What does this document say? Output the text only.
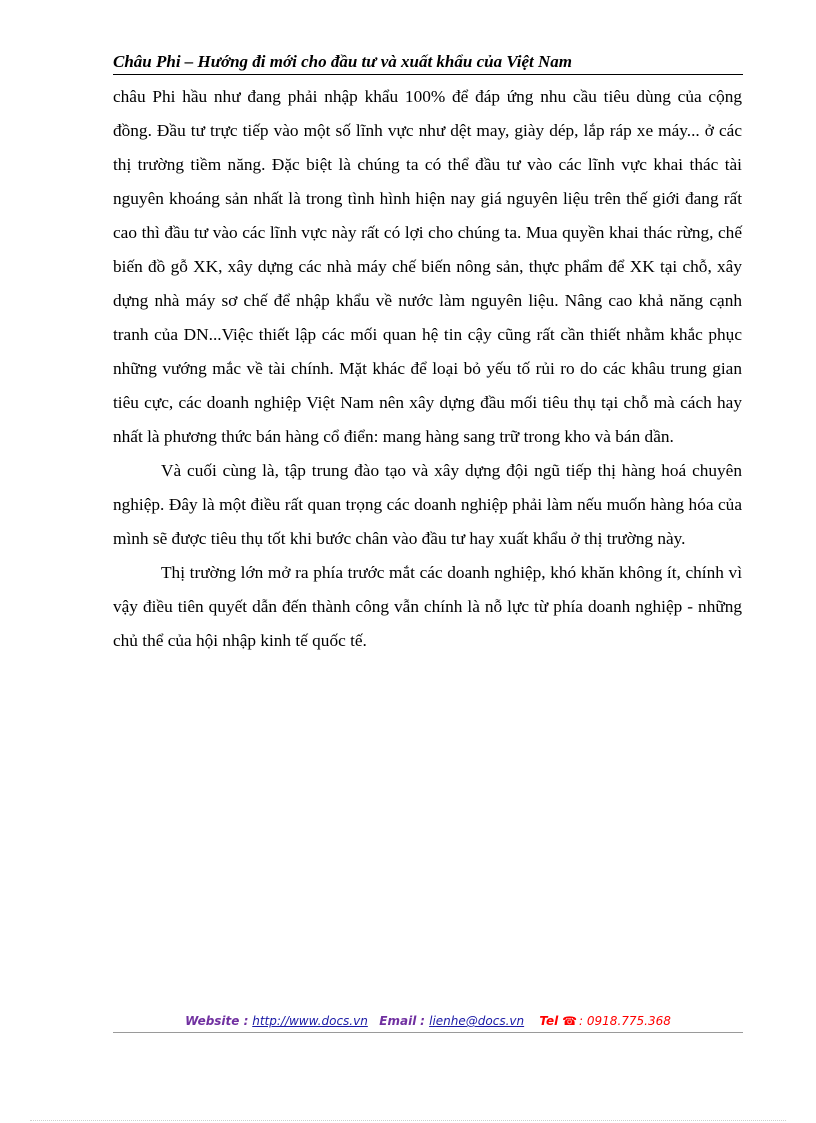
Châu Phi – Hướng đi mới cho đầu tư và xuất khẩu của Việt Nam

châu Phi hầu như đang phải nhập khẩu 100% để đáp ứng nhu cầu tiêu dùng của cộng đồng. Đầu tư trực tiếp vào một số lĩnh vực như dệt may, giày dép, lắp ráp xe máy... ở các thị trường tiềm năng. Đặc biệt là chúng ta có thể đầu tư vào các lĩnh vực khai thác tài nguyên khoáng sản nhất là trong tình hình hiện nay giá nguyên liệu trên thế giới đang rất cao thì đầu tư vào các lĩnh vực này rất có lợi cho chúng ta. Mua quyền khai thác rừng, chế biến đồ gỗ XK, xây dựng các nhà máy chế biến nông sản, thực phẩm để XK tại chỗ, xây dựng nhà máy sơ chế để nhập khẩu về nước làm nguyên liệu. Nâng cao khả năng cạnh tranh của DN...Việc thiết lập các mối quan hệ tin cậy cũng rất cần thiết nhằm khắc phục những vướng mắc về tài chính. Mặt khác để loại bỏ yếu tố rủi ro do các khâu trung gian tiêu cực, các doanh nghiệp Việt Nam nên xây dựng đầu mối tiêu thụ tại chỗ mà cách hay nhất là phương thức bán hàng cổ điển: mang hàng sang trữ trong kho và bán dần.

Và cuối cùng là, tập trung đào tạo và xây dựng đội ngũ tiếp thị hàng hoá chuyên nghiệp. Đây là một điều rất quan trọng các doanh nghiệp phải làm nếu muốn hàng hóa của mình sẽ được tiêu thụ tốt khi bước chân vào đầu tư hay xuất khẩu ở thị trường này.

Thị trường lớn mở ra phía trước mắt các doanh nghiệp, khó khăn không ít, chính vì vậy điều tiên quyết dẫn đến thành công vẫn chính là nỗ lực từ phía doanh nghiệp - những chủ thể của hội nhập kinh tế quốc tế.

Website : http://www.docs.vn Email : lienhe@docs.vn Tel ☎ : 0918.775.368
